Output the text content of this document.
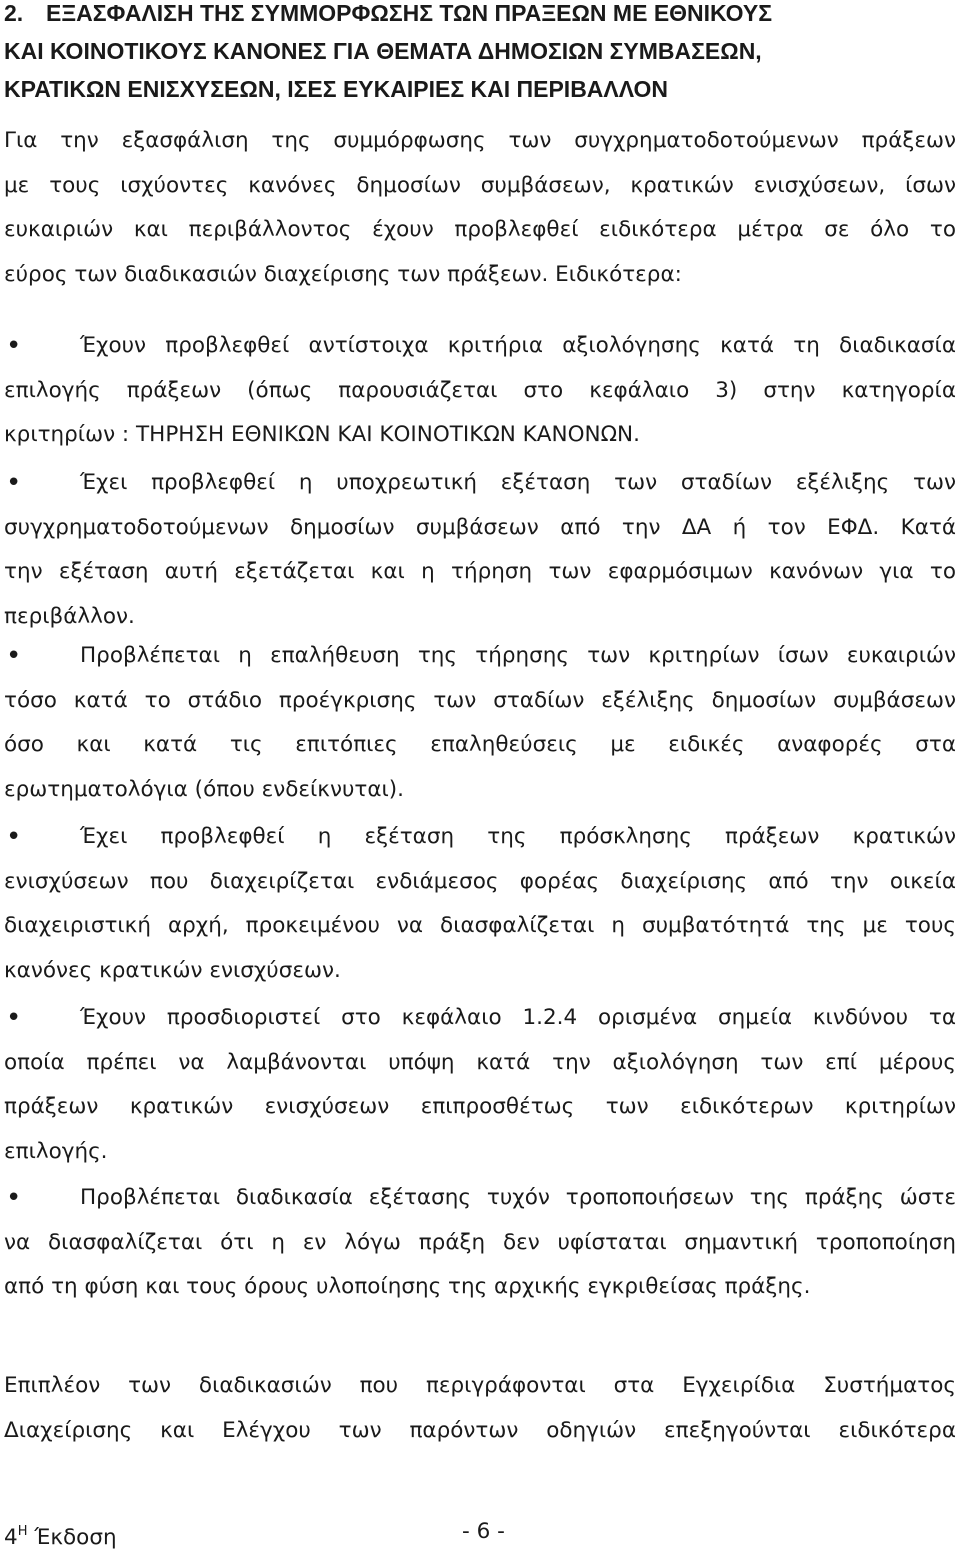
2. ΕΞΑΣΦΑΛΙΣΗ ΤΗΣ ΣΥΜΜΟΡΦΩΣΗΣ ΤΩΝ ΠΡΑΞΕΩΝ ΜΕ ΕΘΝΙΚΟΥΣ
ΚΑΙ ΚΟΙΝΟΤΙΚΟΥΣ ΚΑΝΟΝΕΣ ΓΙΑ ΘΕΜΑΤΑ ΔΗΜΟΣΙΩΝ ΣΥΜΒΑΣΕΩΝ,
ΚΡΑΤΙΚΩΝ ΕΝΙΣΧΥΣΕΩΝ, ΙΣΕΣ ΕΥΚΑΙΡΙΕΣ ΚΑΙ ΠΕΡΙΒΑΛΛΟΝ

Για την εξασφάλιση της συμμόρφωσης των συγχρηματοδοτούμενων πράξεων
με τους ισχύοντες κανόνες δημοσίων συμβάσεων, κρατικών ενισχύσεων, ίσων
ευκαιριών και περιβάλλοντος έχουν προβλεφθεί ειδικότερα μέτρα σε όλο το
εύρος των διαδικασιών διαχείρισης των πράξεων. Ειδικότερα:

•	Έχουν προβλεφθεί αντίστοιχα κριτήρια αξιολόγησης κατά τη διαδικασία
επιλογής πράξεων (όπως παρουσιάζεται στο κεφάλαιο 3) στην κατηγορία
κριτηρίων : ΤΗΡΗΣΗ ΕΘΝΙΚΩΝ ΚΑΙ ΚΟΙΝΟΤΙΚΩΝ ΚΑΝΟΝΩΝ.
•	Έχει προβλεφθεί η υποχρεωτική εξέταση των σταδίων εξέλιξης των
συγχρηματοδοτούμενων δημοσίων συμβάσεων από την ΔΑ ή τον ΕΦΔ. Κατά
την εξέταση αυτή εξετάζεται και η τήρηση των εφαρμόσιμων κανόνων για το
περιβάλλον.
•	Προβλέπεται η επαλήθευση της τήρησης των κριτηρίων ίσων ευκαιριών
τόσο κατά το στάδιο προέγκρισης των σταδίων εξέλιξης δημοσίων συμβάσεων
όσο και κατά τις επιτόπιες επαληθεύσεις με ειδικές αναφορές στα
ερωτηματολόγια (όπου ενδείκνυται).
•	Έχει προβλεφθεί η εξέταση της πρόσκλησης πράξεων κρατικών
ενισχύσεων που διαχειρίζεται ενδιάμεσος φορέας διαχείρισης από την οικεία
διαχειριστική αρχή, προκειμένου να διασφαλίζεται η συμβατότητά της με τους
κανόνες κρατικών ενισχύσεων.
•	Έχουν προσδιοριστεί στο κεφάλαιο 1.2.4 ορισμένα σημεία κινδύνου τα
οποία πρέπει να λαμβάνονται υπόψη κατά την αξιολόγηση των επί μέρους
πράξεων κρατικών ενισχύσεων επιπροσθέτως των ειδικότερων κριτηρίων
επιλογής.
•	Προβλέπεται διαδικασία εξέτασης τυχόν τροποποιήσεων της πράξης ώστε
να διασφαλίζεται ότι η εν λόγω πράξη δεν υφίσταται σημαντική τροποποίηση
από τη φύση και τους όρους υλοποίησης της αρχικής εγκριθείσας πράξης.

Επιπλέον των διαδικασιών που περιγράφονται στα Εγχειρίδια Συστήματος
Διαχείρισης και Ελέγχου των παρόντων οδηγιών επεξηγούνται ειδικότερα

$4^H$ Έκδοση	- 6 -
